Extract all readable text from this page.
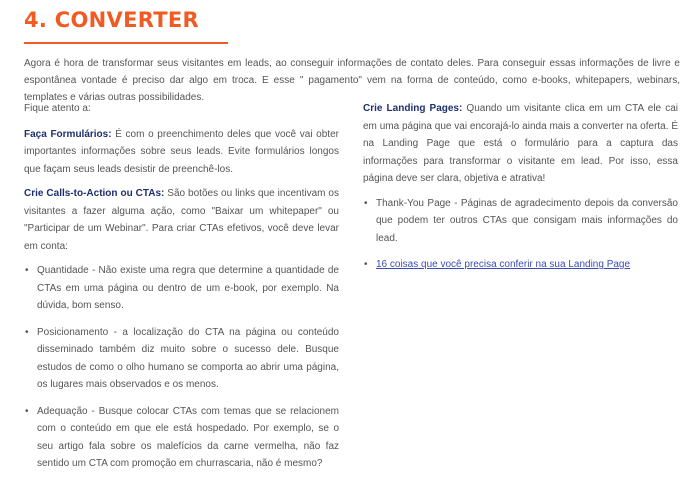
4. CONVERTER

Agora é hora de transformar seus visitantes em leads, ao conseguir informações de contato deles. Para conseguir essas informações de livre e espontânea vontade é preciso dar algo em troca. E esse " pagamento" vem na forma de conteúdo, como e-books, whitepapers, webinars, templates e várias outras possibilidades.

Fique atento a:

Faça Formulários: É com o preenchimento deles que você vai obter importantes informações sobre seus leads. Evite formulários longos que façam seus leads desistir de preenchê-los.

Crie Calls-to-Action ou CTAs: São botões ou links que incentivam os visitantes a fazer alguma ação, como "Baixar um whitepaper" ou "Participar de um Webinar". Para criar CTAs efetivos, você deve levar em conta:

• Quantidade - Não existe uma regra que determine a quantidade de CTAs em uma página ou dentro de um e-book, por exemplo. Na dúvida, bom senso.
• Posicionamento - a localização do CTA na página ou conteúdo disseminado também diz muito sobre o sucesso dele. Busque estudos de como o olho humano se comporta ao abrir uma página, os lugares mais observados e os menos.
• Adequação - Busque colocar CTAs com temas que se relacionem com o conteúdo em que ele está hospedado. Por exemplo, se o seu artigo fala sobre os malefícios da carne vermelha, não faz sentido um CTA com promoção em churrascaria, não é mesmo?

Crie Landing Pages: Quando um visitante clica em um CTA ele cai em uma página que vai encorajá-lo ainda mais a converter na oferta. É na Landing Page que está o formulário para a captura das informações para transformar o visitante em lead. Por isso, essa página deve ser clara, objetiva e atrativa!

• Thank-You Page - Páginas de agradecimento depois da conversão que podem ter outros CTAs que consigam mais informações do lead.
• 16 coisas que você precisa conferir na sua Landing Page
